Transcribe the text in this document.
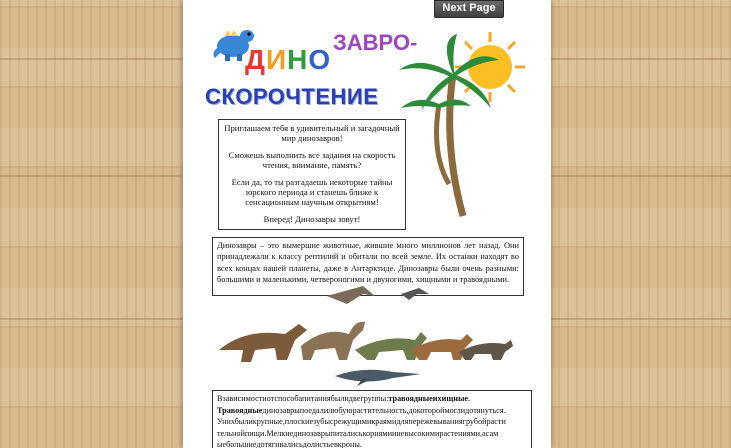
ЗАВРО-
ДИНО
СКОРОЧТЕНИЕ

Приглашаем тебя в удивительный и загадочный мир динозавров!

Сможешь выполнить все задания на скорость чтения, внимание, память?

Если да, то ты разгадаешь некоторые тайны юрского периода и станешь ближе к сенсационным научным открытиям!

Вперед! Динозавры зовут!

Динозавры – это вымершие животные, жившие много миллионов лет назад. Они принадлежали к классу рептилий и обитали по всей земле. Их останки находят во всех концах нашей планеты, даже в Антарктиде. Динозавры были очень разными: большими и маленькими, четвероногими и двуногими, хищными и травоядными.

Взависимостиотспособапитаниябылидвегруппы:травоядныеихищные.

Травоядныединозаврыпоедалилюбуюрастительность,докотороймоглидотянуться.

Унихбыликрупные,плоскиезубысрежущимикраямидляпережевываниягрубойрасти

тельнойпищи.Мелкиединозаврыпиталиськорнямииневысокимирастениями,асам

ыебольшиедотягивалисьдолистьевкроны.

Next Page
